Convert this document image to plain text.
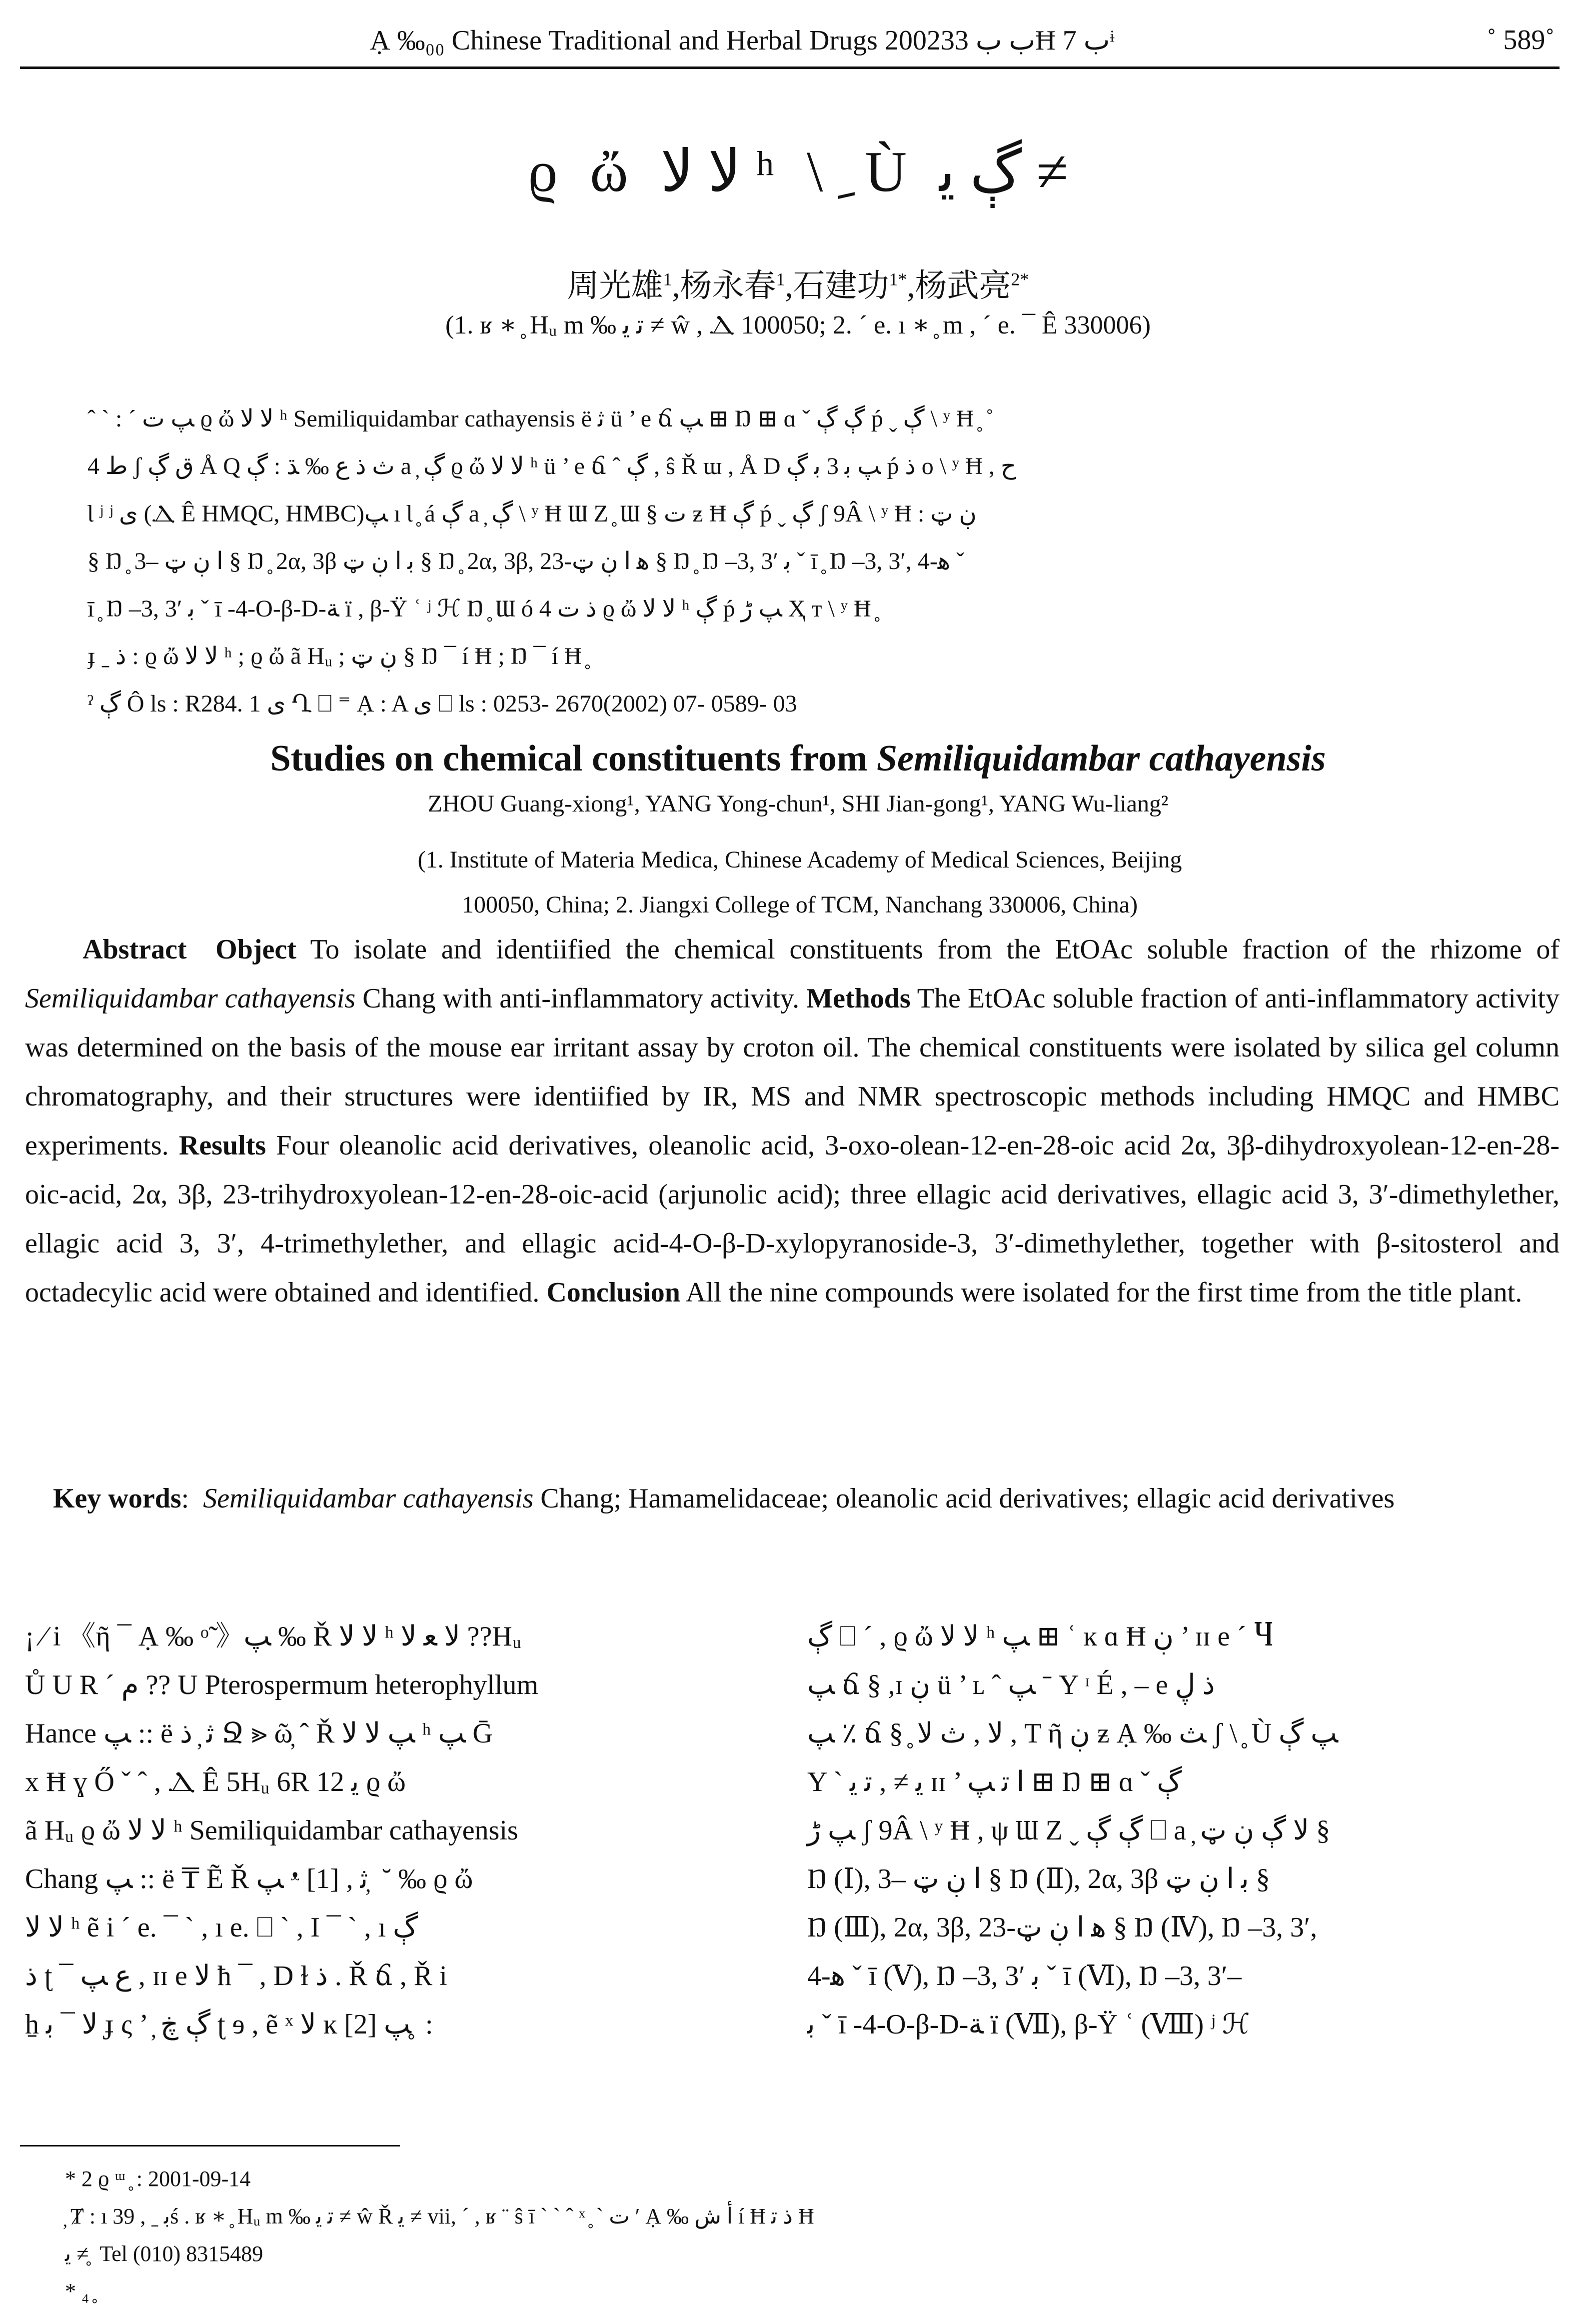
Ạ ‰₀₀ Chinese Traditional and Herbal Drugs 2002ب ب 33Ħ ب 7ᶤ	˚ 589˚
ϱ ὤ ﻻ ﻻ ʰ \ ِ Ù ڳ ﻳ ≠
周光雄$^1$,杨永春$^1$,石建功$^{1*}$,杨武亮$^{2*}$
(1. ʁ ∗ ̥ Hᵤ m ‰ ﺗ ﻳ ≠ ŵ , Ⲇ 100050; 2. ´ e. ı ∗ ̥ m , ´ e. ¯ Ê 330006)

ˆ ˋ : ˊ ﭗ ت ϱ ὤ ﻻ ﻻ ʰ Semiliquidambar cathayensis ë ﺛ ü ’ e ճ ﭗ ⊞ Ŋ ⊞ ɑ ˇ ڳ ڳ ṕ ˬ ڳ \ ʸ Ħ ̥ ˚

ﻁ 4 ʃ ق ڳ Å Q ث ﺫ ﻉ ‰ ﮅ : ڳ a ̦ ڳ ϱ ὤ ﻻ ﻻ ʰ ü ’ e ճ ˆ ڳ , ŝ Ř ɯ , Å D ﭗ ﺑ 3 ﺑ ڳ ṕ ﺫ o \ ʸ Ħ , ح

Ɩ ʲ ʲ ﯼ (Ⲇ Ê HMQC, HMBC)ﭗ ı Ɩ ̥ á ڳ a ̦ ڳ \ ʸ Ħ Ɯ Ζ ̥ Ɯ § ت ƶ Ħ ڳ ṕ ˬ ڳ ʃ 9Â \ ʸ Ħ : ڹ ټ

§ Ŋ ̥ 3– ﺍ ڹ ټ § Ŋ ̥ 2α, 3β ﺑ ﺍ ڹ ټ § Ŋ ̥ 2α, 3β, 23-ﻫ ﺍ ڹ ټ § Ŋ ̥ Ŋ –3, 3′ ﺑ ˇ ī ̥ Ŋ –3, 3′, 4-ﻫ ˇ

ī ̥ Ŋ –3, 3′ ﺑ ˇ ī -4-O-β-D-ﺔ ï , β-Ÿ ʿ ʲ ℋ Ŋ ̥ Ɯ ó 4 ﺫ ت ϱ ὤ ﻻ ﻻ ʰ ڳ ṕ ﭗ ڑ Ҳ т \ ʸ Ħ ̥

ɟ ˍ ﺫ : ϱ ὤ ﻻ ﻻ ʰ ; ϱ ὤ ã Hᵤ ; ڹ ټ § Ŋ ¯ í Ħ ; Ŋ ¯ í Ħ ̥

ˀ ڳ Ô ls : R284. 1 ﯼ Ղ ⎕ ⁼ Ạ : A ﯼ ⎕ ls : 0253- 2670(2002) 07- 0589- 03

Studies on chemical constituents from Semiliquidambar cathayensis
ZHOU Guang-xiong¹, YANG Yong-chun¹, SHI Jian-gong¹, YANG Wu-liang²
(1. Institute of Materia Medica, Chinese Academy of Medical Sciences, Beijing
100050, China; 2. Jiangxi College of TCM, Nanchang 330006, China)

Abstract Object To isolate and identiified the chemical constituents from the EtOAc soluble fraction of the rhizome of Semiliquidambar cathayensis Chang with anti-inflammatory activity. Methods The EtOAc soluble fraction of anti-inflammatory activity was determined on the basis of the mouse ear irritant assay by croton oil. The chemical constituents were isolated by silica gel column chromatography, and their structures were identiified by IR, MS and NMR spectroscopic methods including HMQC and HMBC experiments. Results Four oleanolic acid derivatives, oleanolic acid, 3-oxo-olean-12-en-28-oic acid 2α, 3β-dihydroxyolean-12-en-28-oic-acid, 2α, 3β, 23-trihydroxyolean-12-en-28-oic-acid (arjunolic acid); three ellagic acid derivatives, ellagic acid 3, 3′-dimethylether, ellagic acid 3, 3′, 4-trimethylether, and ellagic acid-4-O-β-D-xylopyranoside-3, 3′-dimethylether, together with β-sitosterol and octadecylic acid were obtained and identified. Conclusion All the nine compounds were isolated for the first time from the title plant.

Key words:  Semiliquidambar cathayensis Chang; Hamamelidaceae; oleanolic acid derivatives; ellagic acid derivatives

¡ ⁄ i 《ῆ ¯ Ạ ‰ ᵒ̃ 》ﭗ ‰ Ř ﻻ ﻻ ʰ ﻻ ﻌ ﻻ ??Hᵤ

Ů U R ˊ ﻡ ?? U Pterospermum heterophyllum

Hance ﭗ :: ë ﺛ ̦ ﺫ Ջ ⪢ ῶ̦ ˆ Ř ﭗ ﻻ ﻻ ʰ ﭗ Ḡ

x Ħ ɣ Ő ˇ ˆ , Ⲇ Ê 5Hᵤ 6R 12 ﯾ ϱ ὤ

ã Hᵤ ϱ ὤ ﻻ ﻻ ʰ Semiliquidambar cathayensis

Chang ﭗ :: ë ₸ Ẽ Ř ﭗ ᵜ [1] , ﺛ ̦ ˘ ‰ ϱ ὤ

ﻻ ﻻ ʰ ẽ i ´ e. ¯ ˋ , ı e. ⎕ ˋ , I ¯ ˋ , ı ڳ

ﺫ ʈ ¯ ﻉ ﭗ , ɪɪ e ﻻ ћ ¯ , D ɫ ﺫ . Ř ճ , Ř i

ẖ ﻻ ¯ ﺑ ɟ ς ’ ̦ ڳ ڿ ʈ ɘ , ẽ ˣ ﻻ ĸ ﭗ [2] ̥ :

ڳ ⎕ ´ , ϱ ὤ ﻻ ﻻ ʰ ﭗ ⊞ ʿ ĸ ɑ Ħ ڹ ’ ɪɪ e ´ Ⴗ

ﭗ ճ § ,ɪ ڹ ü ’ ʟ ˆ ﭗ ˉ Y ᶦ É , ‒ e ﺫ ڸ

ﭗ ٪ ճ § ̥ ﻻ , ث ﻻ , T ῆ ڹ ƶ Ạ ‰ ﺚ ʃ \ ̥ Ù ﭗ ڳ

Y ˋ ﻳ ≠ , ﺗ ﯾ ɪɪ ’ ﺍ ﺗ ﭗ ⊞ Ŋ ⊞ ɑ ˇ ڳ

ﭗ ڑ ʃ 9Â \ ʸ Ħ , ψ Ɯ Ζ ˬ ڳ ڳ ⎕ a ̦ ﻻ ڳ ڹ ټ §

Ŋ (Ⅰ), 3– ﺍ ڹ ټ § Ŋ (Ⅱ), 2α, 3β ﺑ ﺍ ڹ ټ §

Ŋ (Ⅲ), 2α, 3β, 23-ﻫ ﺍ ڹ ټ § Ŋ (Ⅳ), Ŋ –3, 3′,

4-ﻫ ˇ ī (Ⅴ), Ŋ –3, 3′ ﺑ ˇ ī (Ⅵ), Ŋ –3, 3′–

ﺑ ˇ ī -4-O-β-D-ﺔ ï (Ⅶ), β-Ÿ ʿ (Ⅷ) ʲ ℋ

* 2 ϱ ᵚ ̥ : 2001-09-14

̦ Ⱦ : ı ﺑ ˍ , 39ś . ʁ ∗ ̥ Hᵤ m ‰ ﺗ ﻳ ≠ ŵ Ř ﻳ ≠ vii, ˊ , ʁ ¨ ŝ ī ˋ ˋ ˆ ˣ ̥ ˋ ت ′ Ạ ‰ ﺃ ش í Ħ ﺫ ﺗ Ħ

ﻳ ≠ ̥ Tel (010) 8315489

* ₄ ̥
